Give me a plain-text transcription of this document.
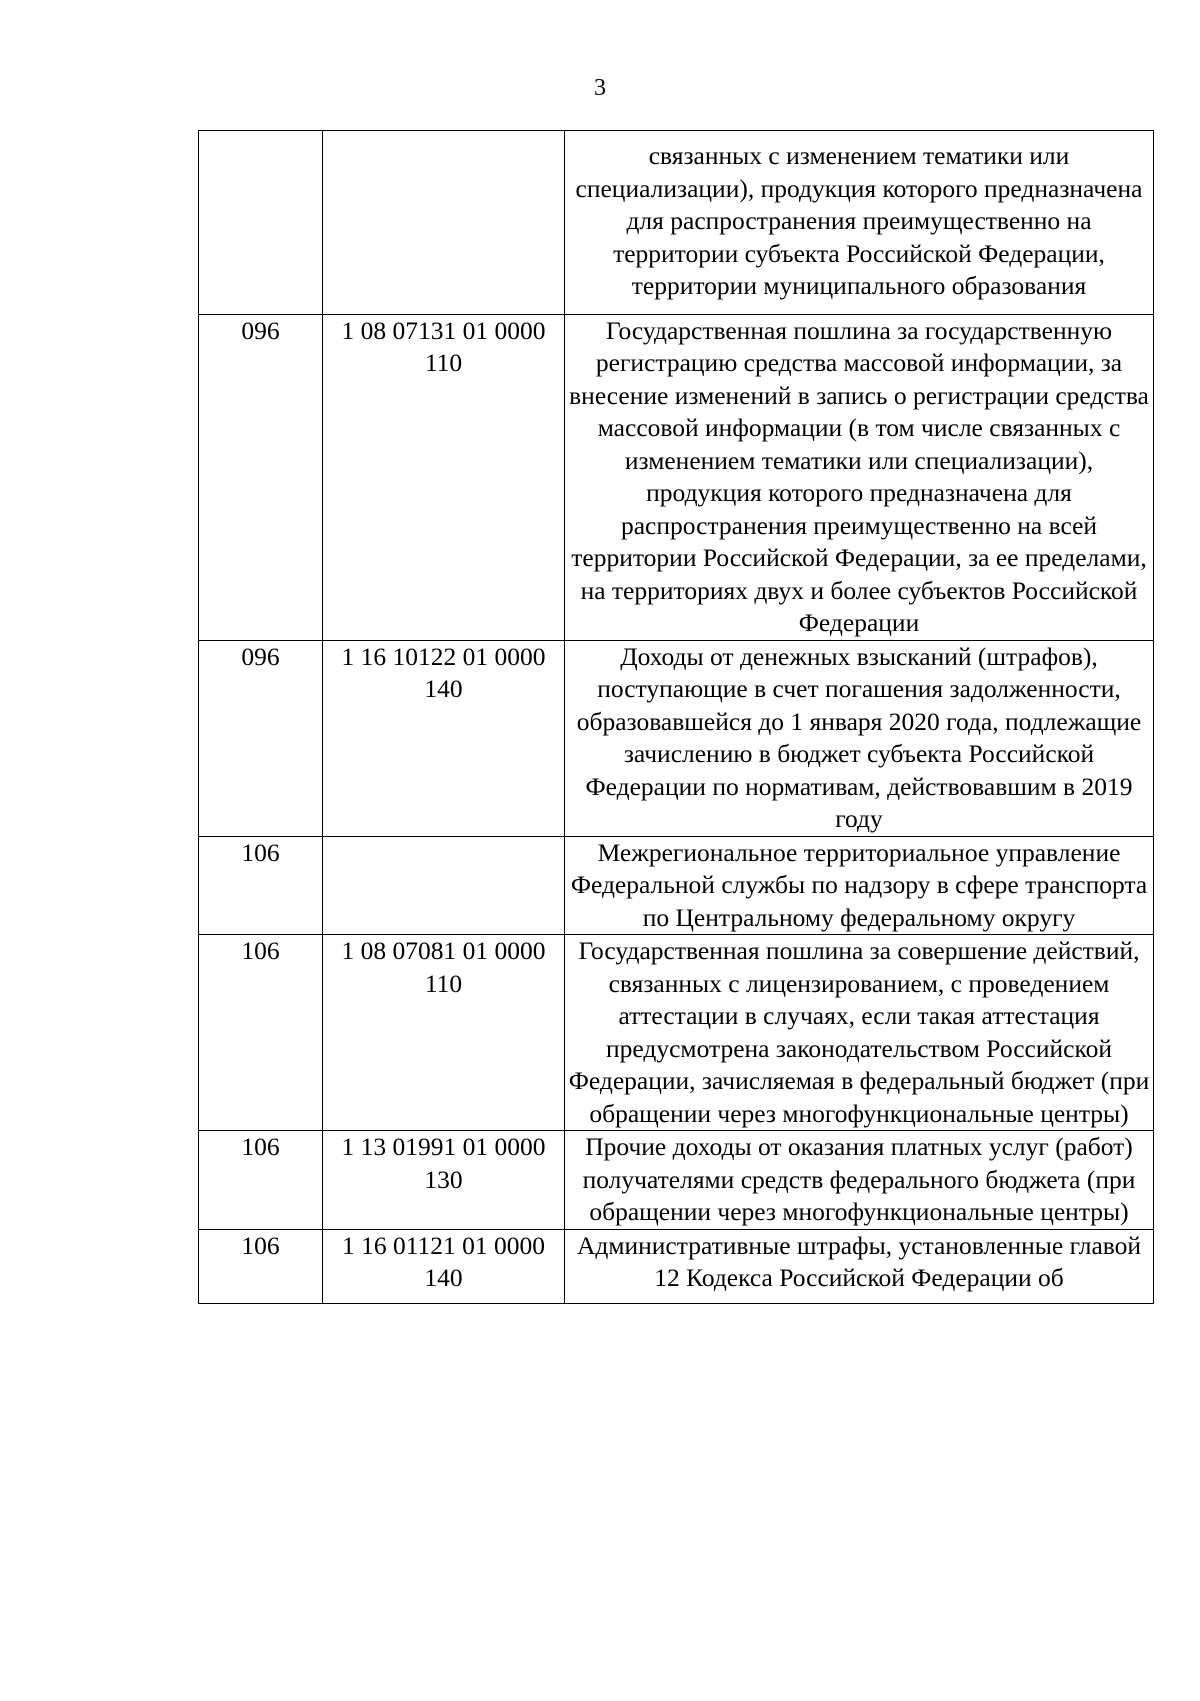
3
		связанных с изменением тематики или специализации), продукция которого предназначена для распространения преимущественно на территории субъекта Российской Федерации, территории муниципального образования
096	1 08 07131 01 0000 110	Государственная пошлина за государственную регистрацию средства массовой информации, за внесение изменений в запись о регистрации средства массовой информации (в том числе связанных с изменением тематики или специализации), продукция которого предназначена для распространения преимущественно на всей территории Российской Федерации, за ее пределами, на территориях двух и более субъектов Российской Федерации
096	1 16 10122 01 0000 140	Доходы от денежных взысканий (штрафов), поступающие в счет погашения задолженности, образовавшейся до 1 января 2020 года, подлежащие зачислению в бюджет субъекта Российской Федерации по нормативам, действовавшим в 2019 году
106		Межрегиональное территориальное управление Федеральной службы по надзору в сфере транспорта по Центральному федеральному округу
106	1 08 07081 01 0000 110	Государственная пошлина за совершение действий, связанных с лицензированием, с проведением аттестации в случаях, если такая аттестация предусмотрена законодательством Российской Федерации, зачисляемая в федеральный бюджет (при обращении через многофункциональные центры)
106	1 13 01991 01 0000 130	Прочие доходы от оказания платных услуг (работ) получателями средств федерального бюджета (при обращении через многофункциональные центры)
106	1 16 01121 01 0000 140	Административные штрафы, установленные главой 12 Кодекса Российской Федерации об
